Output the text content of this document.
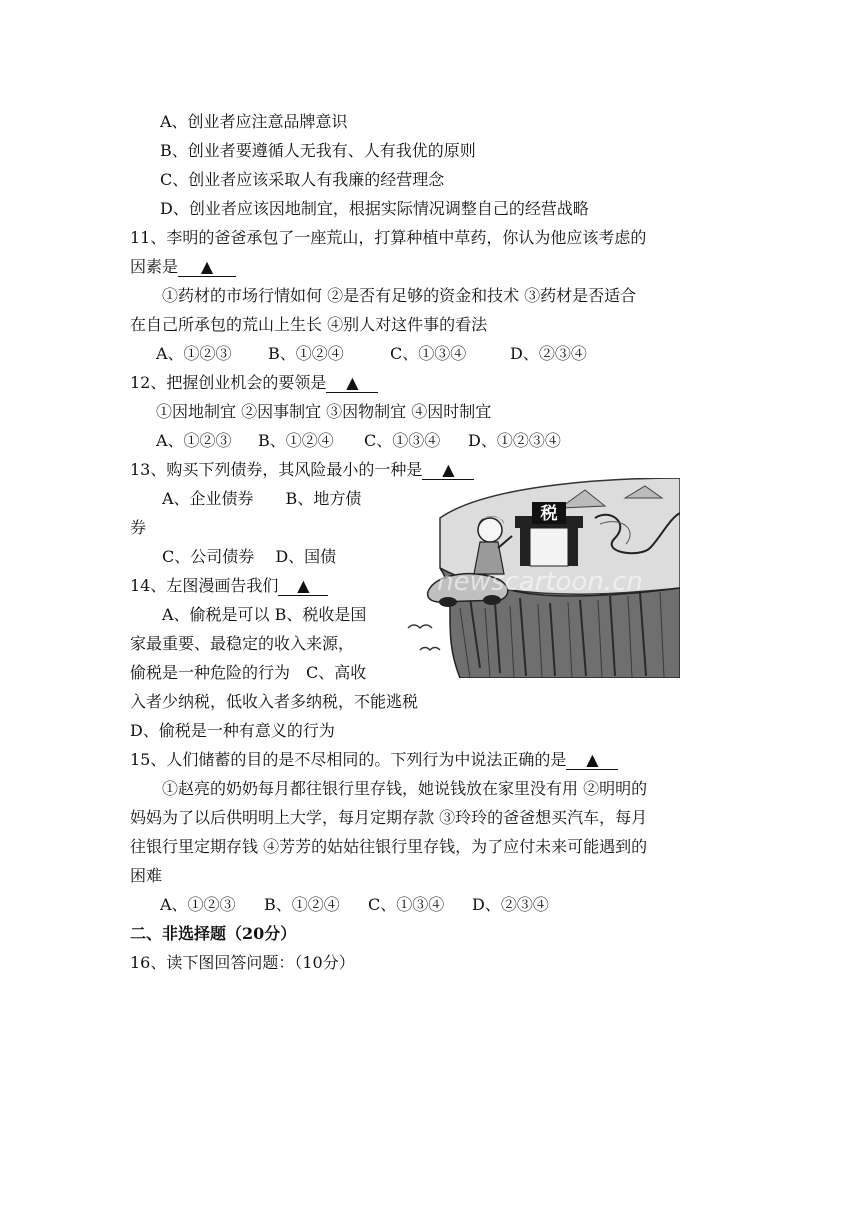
A、创业者应注意品牌意识
B、创业者要遵循人无我有、人有我优的原则
C、创业者应该采取人有我廉的经营理念
D、创业者应该因地制宜，根据实际情况调整自己的经营战略
11、李明的爸爸承包了一座荒山，打算种植中草药，你认为他应该考虑的
因素是 ▲
①药材的市场行情如何 ②是否有足够的资金和技术 ③药材是否适合
在自己所承包的荒山上生长 ④别人对这件事的看法
A、①②③ B、①②④	C、①③④	D、②③④
12、把握创业机会的要领是 ▲
①因地制宜 ②因事制宜 ③因物制宜 ④因时制宜
A、①②③ B、①②④ C、①③④ D、①②③④
13、购买下列债券，其风险最小的一种是 ▲
A、企业债券　　B、地方债
券
C、公司债券　 D、国债
14、左图漫画告我们 ▲
A、偷税是可以 B、税收是国
家最重要、最稳定的收入来源，
偷税是一种危险的行为　C、高收
入者少纳税，低收入者多纳税，不能逃税
D、偷税是一种有意义的行为
税
newscartoon.cn
15、人们储蓄的目的是不尽相同的。下列行为中说法正确的是 ▲
①赵亮的奶奶每月都往银行里存钱，她说钱放在家里没有用 ②明明的
妈妈为了以后供明明上大学，每月定期存款 ③玲玲的爸爸想买汽车，每月
往银行里定期存钱 ④芳芳的姑姑往银行里存钱，为了应付未来可能遇到的
困难
A、①②③ B、①②④ C、①③④ D、②③④
二、非选择题（20分）
16、读下图回答问题：（10分）
